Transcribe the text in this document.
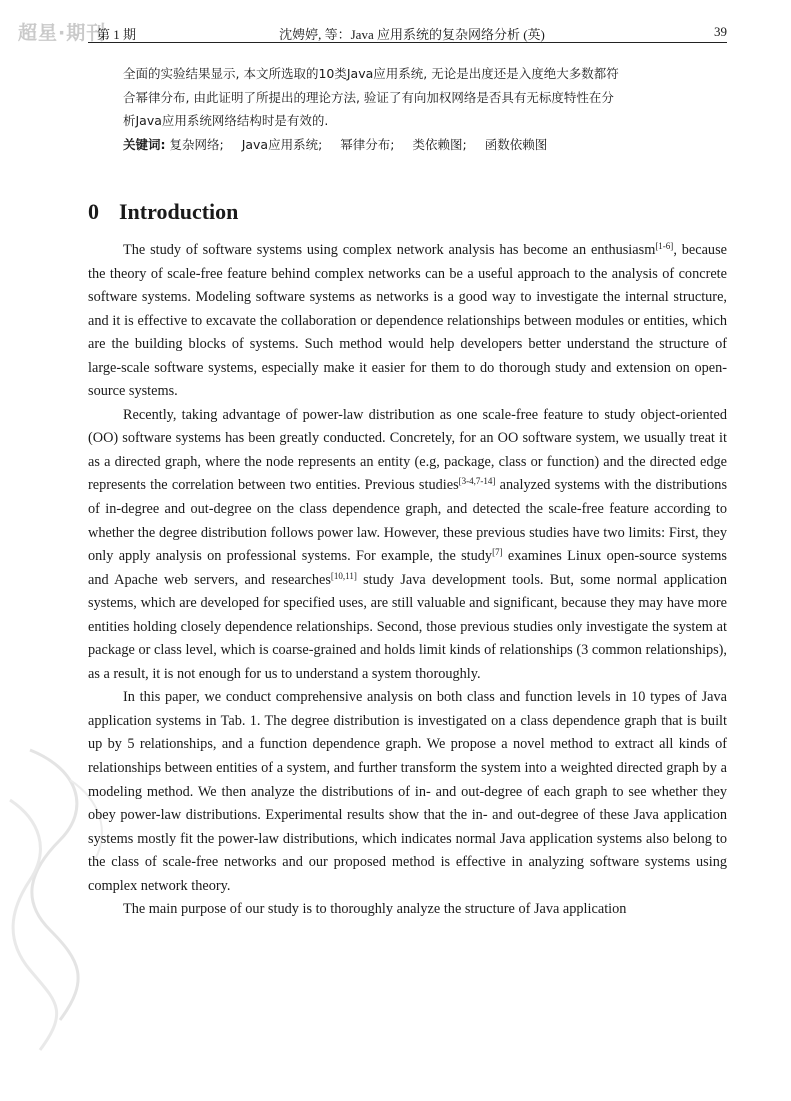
超星·期刊
第 1 期	沈娉婷, 等：Java 应用系统的复杂网络分析 (英)	39

全面的实验结果显示, 本文所选取的10类Java应用系统, 无论是出度还是入度绝大多数都符

合幂律分布, 由此证明了所提出的理论方法, 验证了有向加权网络是否具有无标度特性在分

析Java应用系统网络结构时是有效的.

关键词: 复杂网络; Java应用系统; 幂律分布; 类依赖图; 函数依赖图

0 Introduction

The study of software systems using complex network analysis has become an enthusiasm[1-6], because the theory of scale-free feature behind complex networks can be a useful approach to the analysis of concrete software systems. Modeling software systems as networks is a good way to investigate the internal structure, and it is effective to excavate the collaboration or dependence relationships between modules or entities, which are the building blocks of systems. Such method would help developers better understand the structure of large-scale software systems, especially make it easier for them to do thorough study and extension on open-source systems.

Recently, taking advantage of power-law distribution as one scale-free feature to study object-oriented (OO) software systems has been greatly conducted. Concretely, for an OO software system, we usually treat it as a directed graph, where the node represents an entity (e.g, package, class or function) and the directed edge represents the correlation between two entities. Previous studies[3-4,7-14] analyzed systems with the distributions of in-degree and out-degree on the class dependence graph, and detected the scale-free feature according to whether the degree distribution follows power law. However, these previous studies have two limits: First, they only apply analysis on professional systems. For example, the study[7] examines Linux open-source systems and Apache web servers, and researches[10,11] study Java development tools. But, some normal application systems, which are developed for specified uses, are still valuable and significant, because they may have more entities holding closely dependence relationships. Second, those previous studies only investigate the system at package or class level, which is coarse-grained and holds limit kinds of relationships (3 common relationships), as a result, it is not enough for us to understand a system thoroughly.

In this paper, we conduct comprehensive analysis on both class and function levels in 10 types of Java application systems in Tab. 1. The degree distribution is investigated on a class dependence graph that is built up by 5 relationships, and a function dependence graph. We propose a novel method to extract all kinds of relationships between entities of a system, and further transform the system into a weighted directed graph by a modeling method. We then analyze the distributions of in- and out-degree of each graph to see whether they obey power-law distributions. Experimental results show that the in- and out-degree of these Java application systems mostly fit the power-law distributions, which indicates normal Java application systems also belong to the class of scale-free networks and our proposed method is effective in analyzing software systems using complex network theory.

The main purpose of our study is to thoroughly analyze the structure of Java application
